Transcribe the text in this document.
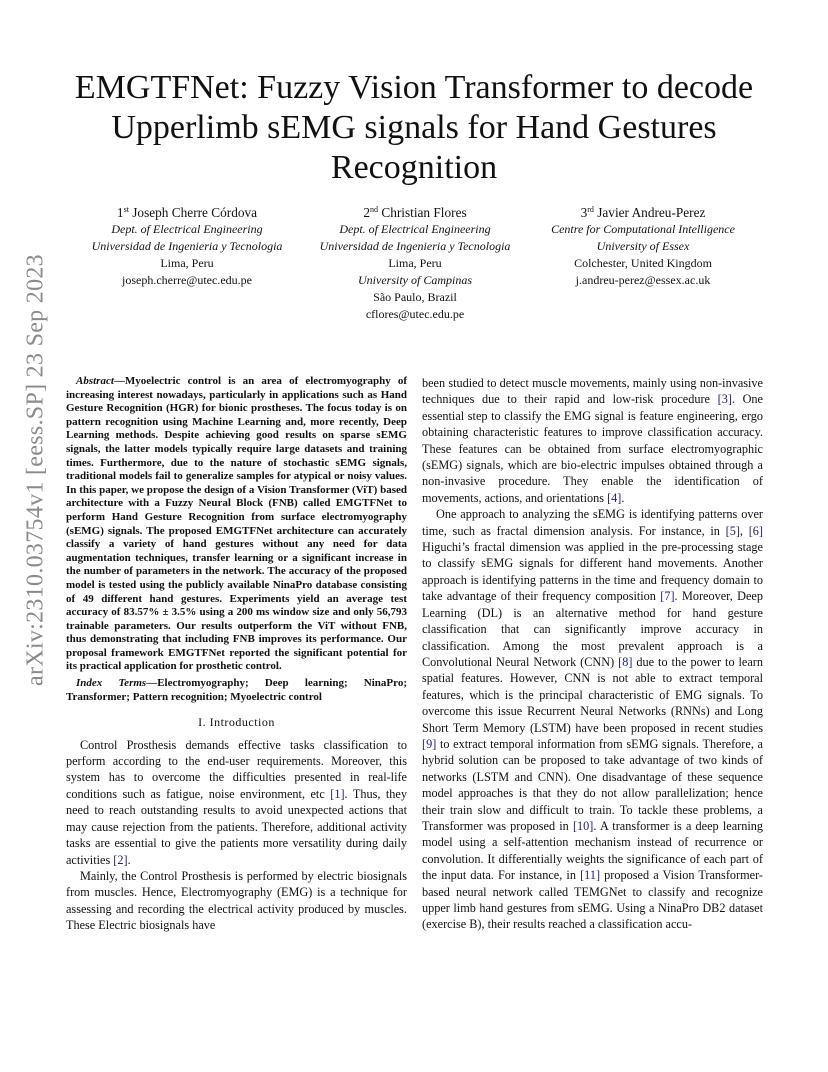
arXiv:2310.03754v1 [eess.SP] 23 Sep 2023
EMGTFNet: Fuzzy Vision Transformer to decode Upperlimb sEMG signals for Hand Gestures Recognition
1st Joseph Cherre Córdova
Dept. of Electrical Engineering
Universidad de Ingenieria y Tecnologia
Lima, Peru
joseph.cherre@utec.edu.pe
2nd Christian Flores
Dept. of Electrical Engineering
Universidad de Ingenieria y Tecnologia
Lima, Peru
University of Campinas
São Paulo, Brazil
cflores@utec.edu.pe
3rd Javier Andreu-Perez
Centre for Computational Intelligence
University of Essex
Colchester, United Kingdom
j.andreu-perez@essex.ac.uk

Abstract—Myoelectric control is an area of electromyography of increasing interest nowadays, particularly in applications such as Hand Gesture Recognition (HGR) for bionic prostheses. The focus today is on pattern recognition using Machine Learning and, more recently, Deep Learning methods. Despite achieving good results on sparse sEMG signals, the latter models typically require large datasets and training times. Furthermore, due to the nature of stochastic sEMG signals, traditional models fail to generalize samples for atypical or noisy values. In this paper, we propose the design of a Vision Transformer (ViT) based architecture with a Fuzzy Neural Block (FNB) called EMGTFNet to perform Hand Gesture Recognition from surface electromyography (sEMG) signals. The proposed EMGTFNet architecture can accurately classify a variety of hand gestures without any need for data augmentation techniques, transfer learning or a significant increase in the number of parameters in the network. The accuracy of the proposed model is tested using the publicly available NinaPro database consisting of 49 different hand gestures. Experiments yield an average test accuracy of 83.57% ± 3.5% using a 200 ms window size and only 56,793 trainable parameters. Our results outperform the ViT without FNB, thus demonstrating that including FNB improves its performance. Our proposal framework EMGTFNet reported the significant potential for its practical application for prosthetic control.

Index Terms—Electromyography; Deep learning; NinaPro; Transformer; Pattern recognition; Myoelectric control

I. Introduction

Control Prosthesis demands effective tasks classification to perform according to the end-user requirements. Moreover, this system has to overcome the difficulties presented in real-life conditions such as fatigue, noise environment, etc [1]. Thus, they need to reach outstanding results to avoid unexpected actions that may cause rejection from the patients. Therefore, additional activity tasks are essential to give the patients more versatility during daily activities [2].

Mainly, the Control Prosthesis is performed by electric biosignals from muscles. Hence, Electromyography (EMG) is a technique for assessing and recording the electrical activity produced by muscles. These Electric biosignals have

been studied to detect muscle movements, mainly using non-invasive techniques due to their rapid and low-risk procedure [3]. One essential step to classify the EMG signal is feature engineering, ergo obtaining characteristic features to improve classification accuracy. These features can be obtained from surface electromyographic (sEMG) signals, which are bio-electric impulses obtained through a non-invasive procedure. They enable the identification of movements, actions, and orientations [4].

One approach to analyzing the sEMG is identifying patterns over time, such as fractal dimension analysis. For instance, in [5], [6] Higuchi’s fractal dimension was applied in the pre-processing stage to classify sEMG signals for different hand movements. Another approach is identifying patterns in the time and frequency domain to take advantage of their frequency composition [7]. Moreover, Deep Learning (DL) is an alternative method for hand gesture classification that can significantly improve accuracy in classification. Among the most prevalent approach is a Convolutional Neural Network (CNN) [8] due to the power to learn spatial features. However, CNN is not able to extract temporal features, which is the principal characteristic of EMG signals. To overcome this issue Recurrent Neural Networks (RNNs) and Long Short Term Memory (LSTM) have been proposed in recent studies [9] to extract temporal information from sEMG signals. Therefore, a hybrid solution can be proposed to take advantage of two kinds of networks (LSTM and CNN). One disadvantage of these sequence model approaches is that they do not allow parallelization; hence their train slow and difficult to train. To tackle these problems, a Transformer was proposed in [10]. A transformer is a deep learning model using a self-attention mechanism instead of recurrence or convolution. It differentially weights the significance of each part of the input data. For instance, in [11] proposed a Vision Transformer-based neural network called TEMGNet to classify and recognize upper limb hand gestures from sEMG. Using a NinaPro DB2 dataset (exercise B), their results reached a classification accu-
